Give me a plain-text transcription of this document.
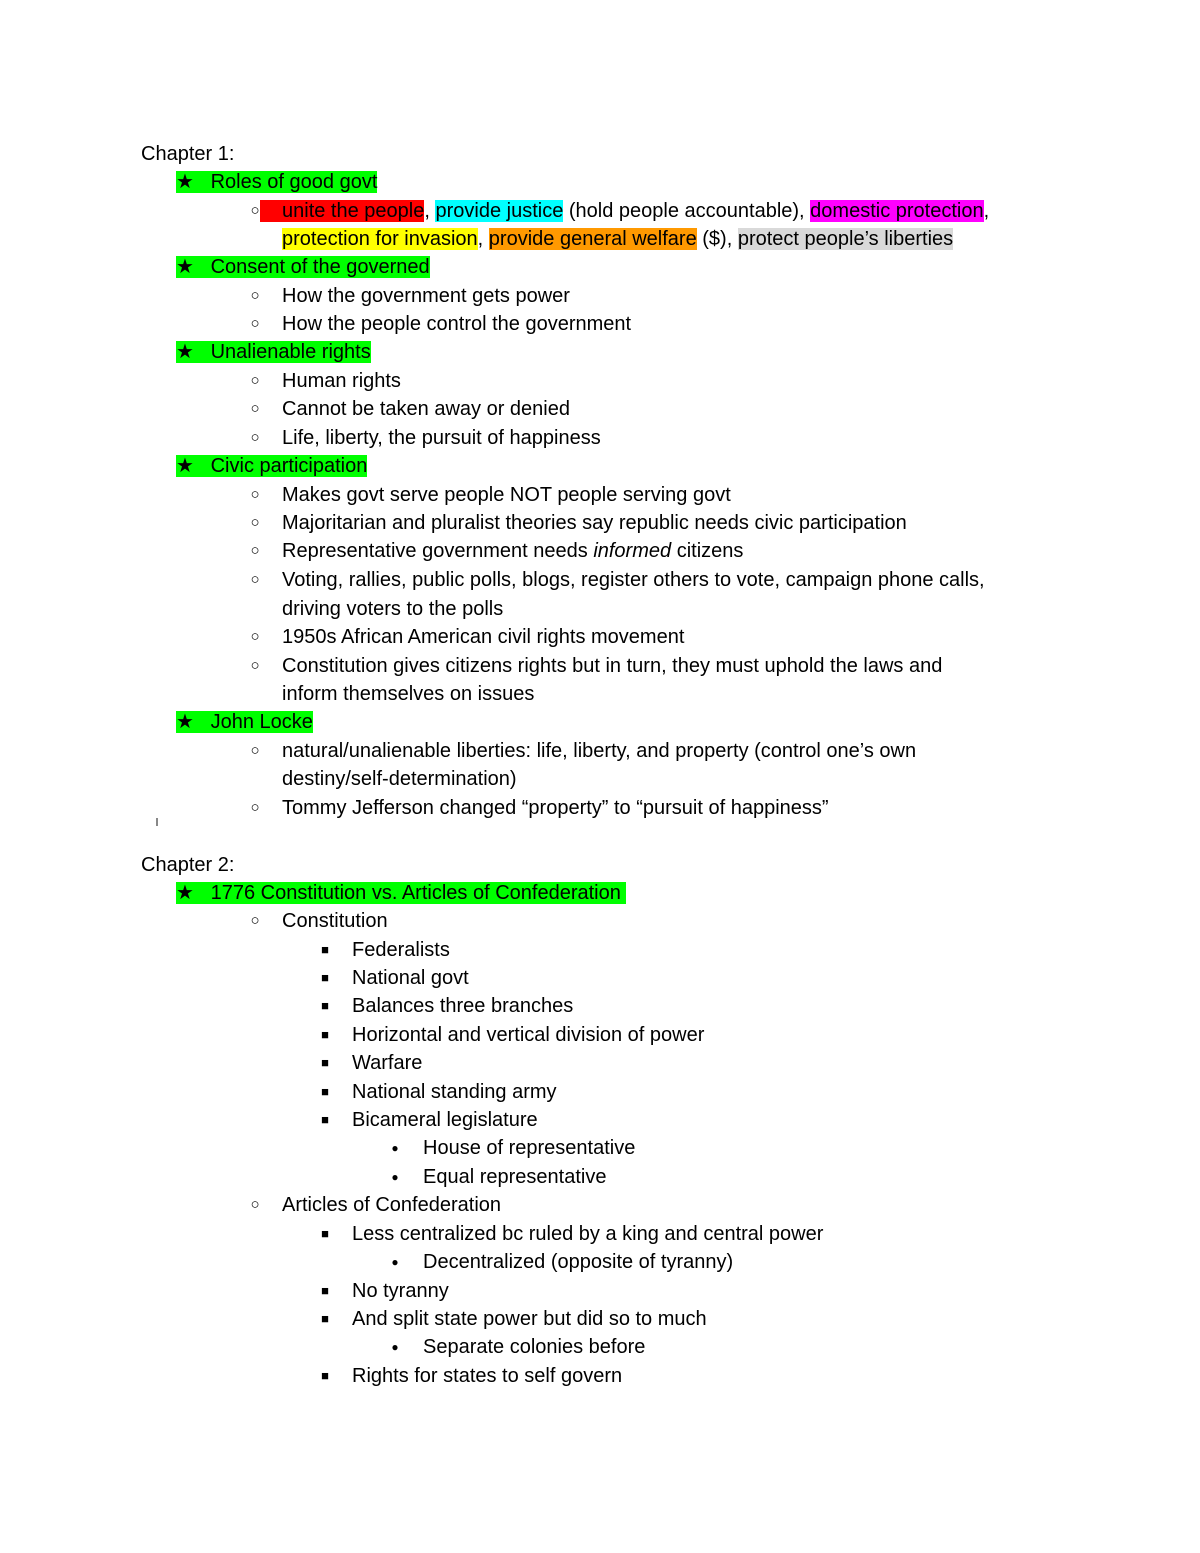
Chapter 1:
★ Roles of good govt
○	unite the people, provide justice (hold people accountable), domestic protection,
protection for invasion, provide general welfare ($), protect people’s liberties
★ Consent of the governed
○	How the government gets power
○	How the people control the government
★ Unalienable rights
○	Human rights
○	Cannot be taken away or denied
○	Life, liberty, the pursuit of happiness
★ Civic participation
○	Makes govt serve people NOT people serving govt
○	Majoritarian and pluralist theories say republic needs civic participation
○	Representative government needs informed citizens
○	Voting, rallies, public polls, blogs, register others to vote, campaign phone calls,
driving voters to the polls
○	1950s African American civil rights movement
○	Constitution gives citizens rights but in turn, they must uphold the laws and
inform themselves on issues
★ John Locke
○	natural/unalienable liberties: life, liberty, and property (control one’s own
destiny/self-determination)
○	Tommy Jefferson changed “property” to “pursuit of happiness”
Chapter 2:
★ 1776 Constitution vs. Articles of Confederation
○	Constitution
■	Federalists
■	National govt
■	Balances three branches
■	Horizontal and vertical division of power
■	Warfare
■	National standing army
■	Bicameral legislature
●	House of representative
●	Equal representative
○	Articles of Confederation
■	Less centralized bc ruled by a king and central power
●	Decentralized (opposite of tyranny)
■	No tyranny
■	And split state power but did so to much
●	Separate colonies before
■	Rights for states to self govern
